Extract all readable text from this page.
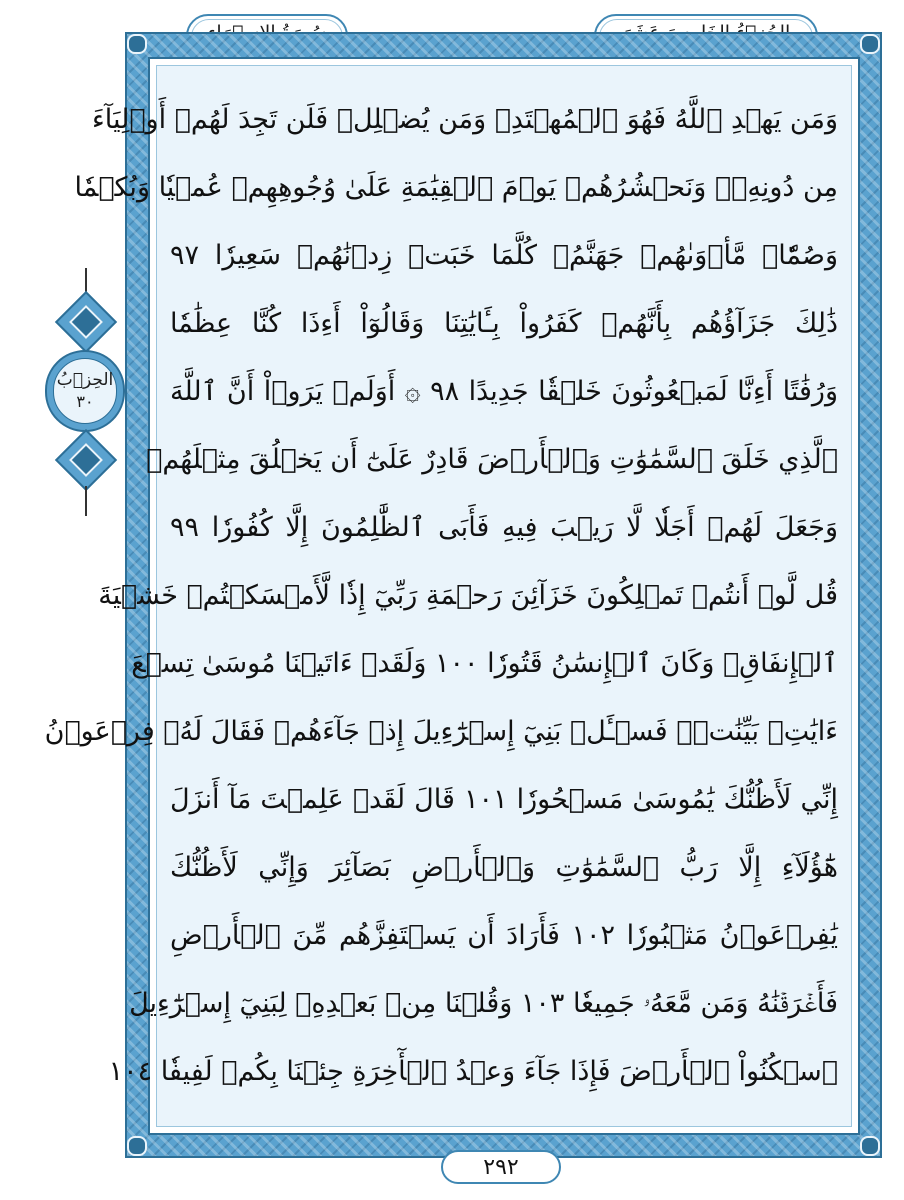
الحِزۡبُ
٣٠
وَمَن يَهۡدِ ٱللَّهُ فَهُوَ ٱلۡمُهۡتَدِۖ وَمَن يُضۡلِلۡ فَلَن تَجِدَ لَهُمۡ أَوۡلِيَآءَ
مِن دُونِهِۦۖ وَنَحۡشُرُهُمۡ يَوۡمَ ٱلۡقِيَٰمَةِ عَلَىٰ وُجُوهِهِمۡ عُمۡيٗا وَبُكۡمٗا
وَصُمّٗاۖ مَّأۡوَىٰهُمۡ جَهَنَّمُۖ كُلَّمَا خَبَتۡ زِدۡنَٰهُمۡ سَعِيرٗا ٩٧
ذَٰلِكَ جَزَآؤُهُم بِأَنَّهُمۡ كَفَرُواْ بِـَٔايَٰتِنَا وَقَالُوٓاْ أَءِذَا كُنَّا عِظَٰمٗا
وَرُفَٰتًا أَءِنَّا لَمَبۡعُوثُونَ خَلۡقٗا جَدِيدًا ٩٨ ۞ أَوَلَمۡ يَرَوۡاْ أَنَّ ٱللَّهَ
ٱلَّذِي خَلَقَ ٱلسَّمَٰوَٰتِ وَٱلۡأَرۡضَ قَادِرٌ عَلَىٰٓ أَن يَخۡلُقَ مِثۡلَهُمۡ
وَجَعَلَ لَهُمۡ أَجَلٗا لَّا رَيۡبَ فِيهِ فَأَبَى ٱلظَّٰلِمُونَ إِلَّا كُفُورٗا ٩٩
قُل لَّوۡ أَنتُمۡ تَمۡلِكُونَ خَزَآئِنَ رَحۡمَةِ رَبِّيٓ إِذٗا لَّأَمۡسَكۡتُمۡ خَشۡيَةَ
ٱلۡإِنفَاقِۚ وَكَانَ ٱلۡإِنسَٰنُ قَتُورٗا ١٠٠ وَلَقَدۡ ءَاتَيۡنَا مُوسَىٰ تِسۡعَ
ءَايَٰتِۭ بَيِّنَٰتٖۖ فَسۡـَٔلۡ بَنِيٓ إِسۡرَٰٓءِيلَ إِذۡ جَآءَهُمۡ فَقَالَ لَهُۥ فِرۡعَوۡنُ
إِنِّي لَأَظُنُّكَ يَٰمُوسَىٰ مَسۡحُورٗا ١٠١ قَالَ لَقَدۡ عَلِمۡتَ مَآ أَنزَلَ
هَٰٓؤُلَآءِ إِلَّا رَبُّ ٱلسَّمَٰوَٰتِ وَٱلۡأَرۡضِ بَصَآئِرَ وَإِنِّي لَأَظُنُّكَ
يَٰفِرۡعَوۡنُ مَثۡبُورٗا ١٠٢ فَأَرَادَ أَن يَسۡتَفِزَّهُم مِّنَ ٱلۡأَرۡضِ
فَأَغۡرَقۡنَٰهُ وَمَن مَّعَهُۥ جَمِيعٗا ١٠٣ وَقُلۡنَا مِنۢ بَعۡدِهِۦ لِبَنِيٓ إِسۡرَٰٓءِيلَ
ٱسۡكُنُواْ ٱلۡأَرۡضَ فَإِذَا جَآءَ وَعۡدُ ٱلۡأٓخِرَةِ جِئۡنَا بِكُمۡ لَفِيفٗا ١٠٤
٢٩٢
